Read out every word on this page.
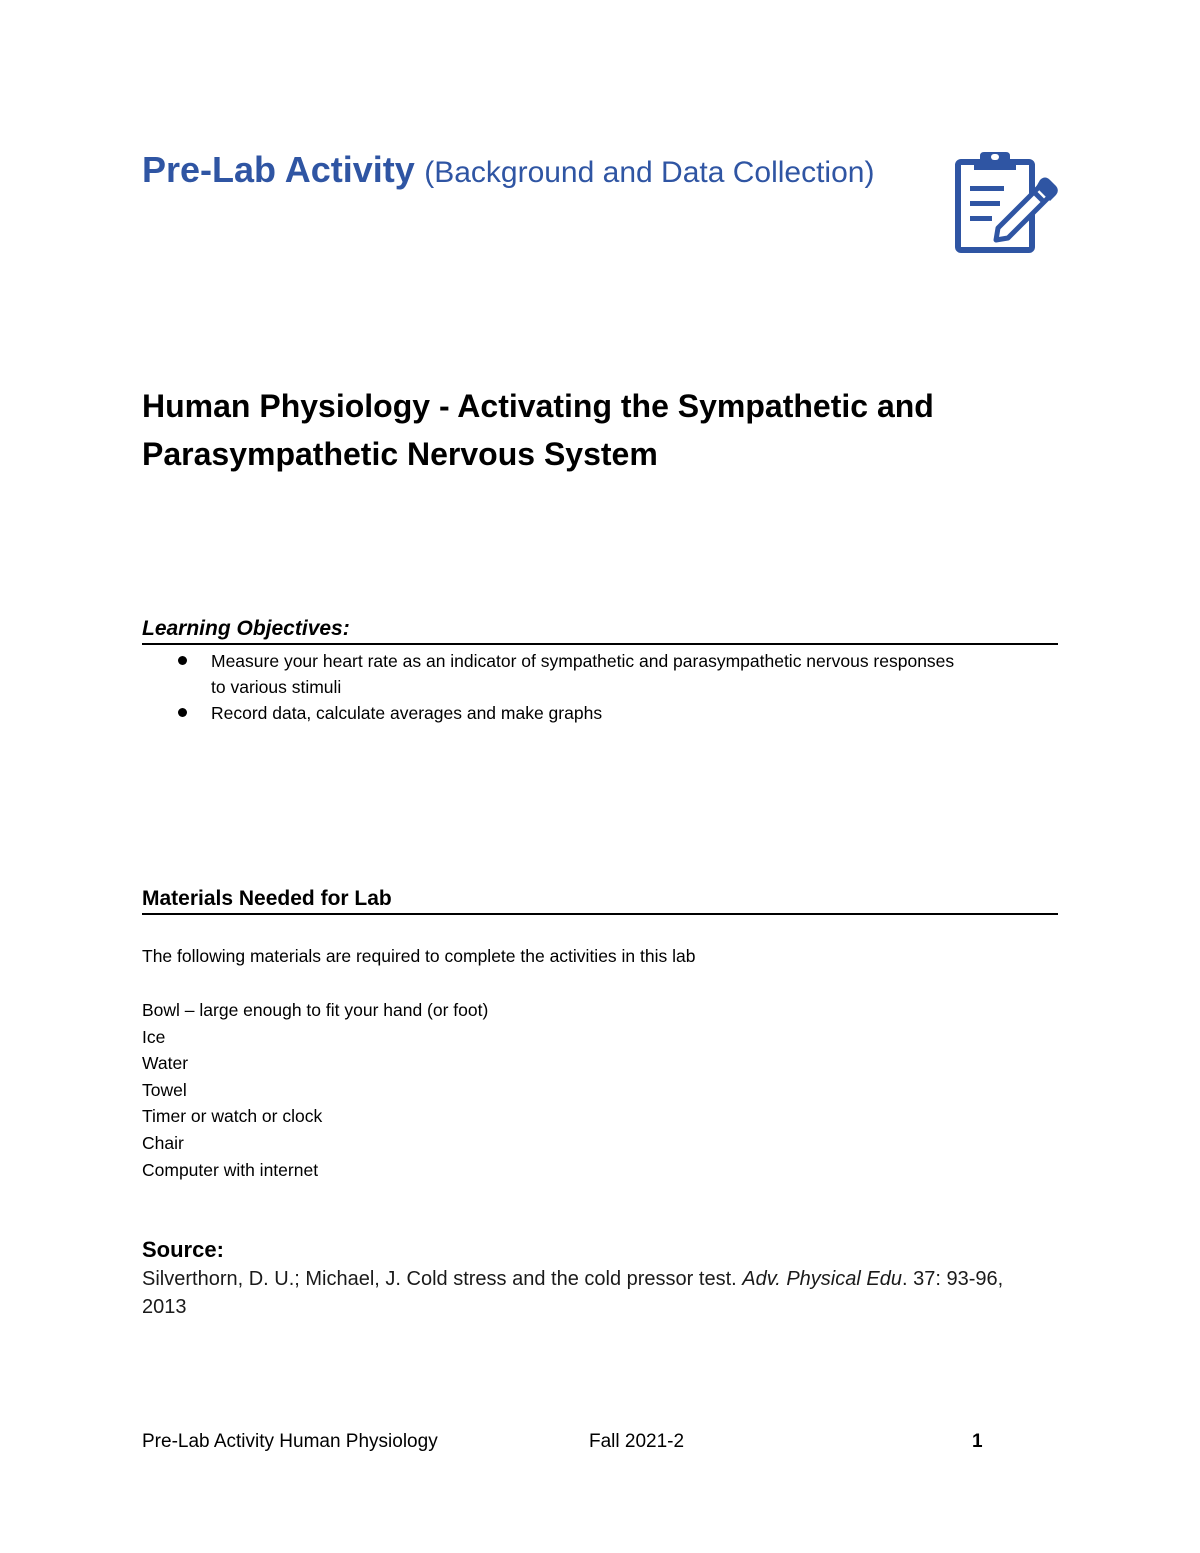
Pre-Lab Activity (Background and Data Collection)
Human Physiology - Activating the Sympathetic and
Parasympathetic Nervous System
Learning Objectives:
Measure your heart rate as an indicator of sympathetic and parasympathetic nervous responses
to various stimuli
Record data, calculate averages and make graphs
Materials Needed for Lab
The following materials are required to complete the activities in this lab
Bowl – large enough to fit your hand (or foot)
Ice
Water
Towel
Timer or watch or clock
Chair
Computer with internet
Source:
Silverthorn, D. U.; Michael, J. Cold stress and the cold pressor test. Adv. Physical Edu. 37: 93-96,
2013
Pre-Lab Activity Human Physiology	Fall 2021-2	1
